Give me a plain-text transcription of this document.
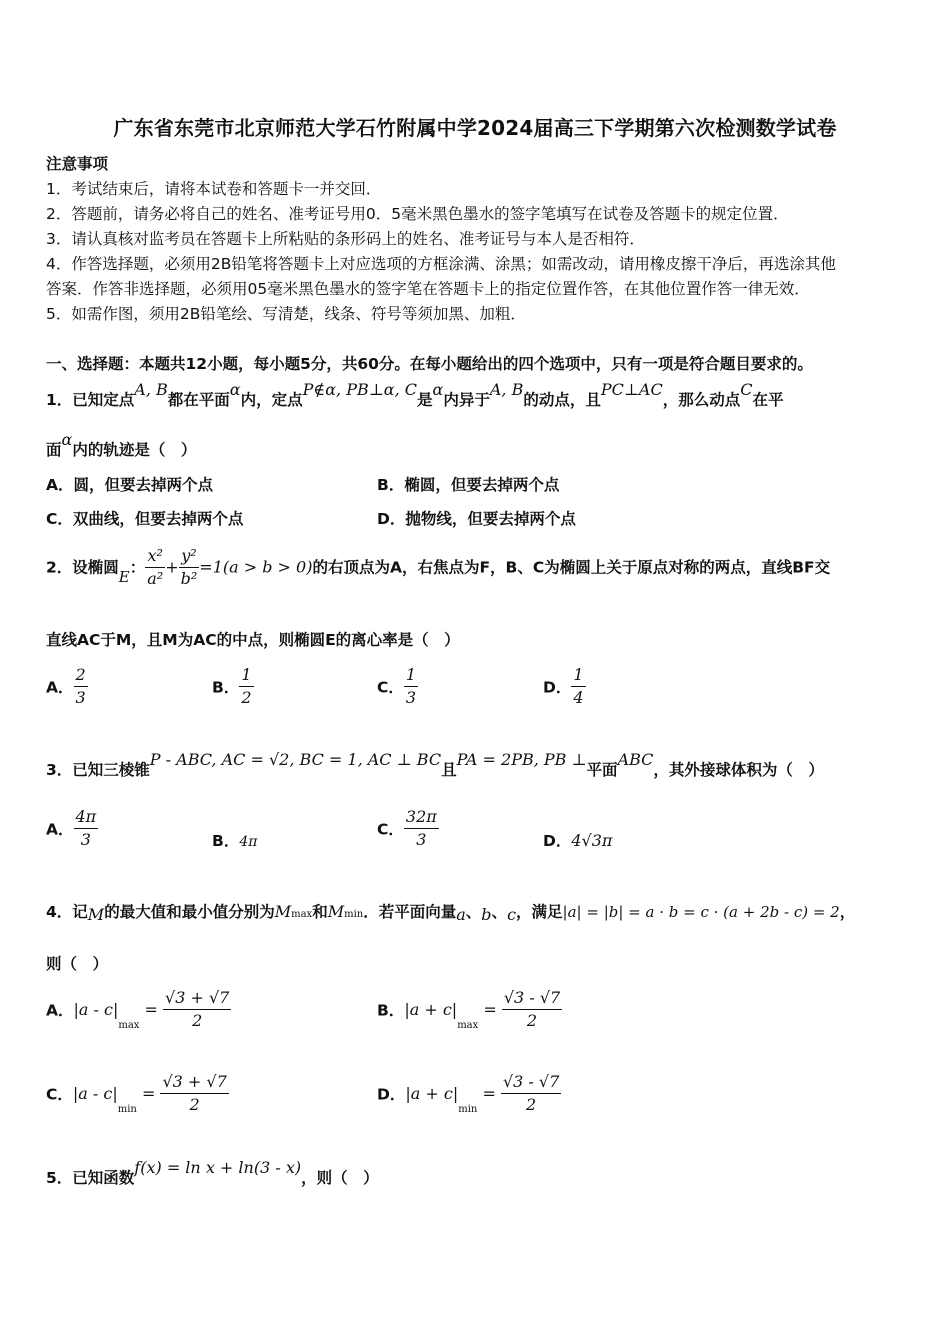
广东省东莞市北京师范大学石竹附属中学2024届高三下学期第六次检测数学试卷
注意事项
1．考试结束后，请将本试卷和答题卡一并交回．
2．答题前，请务必将自己的姓名、准考证号用0．5毫米黑色墨水的签字笔填写在试卷及答题卡的规定位置．
3．请认真核对监考员在答题卡上所粘贴的条形码上的姓名、准考证号与本人是否相符．
4．作答选择题，必须用2B铅笔将答题卡上对应选项的方框涂满、涂黑；如需改动，请用橡皮擦干净后，再选涂其他
答案．作答非选择题，必须用05毫米黑色墨水的签字笔在答题卡上的指定位置作答，在其他位置作答一律无效．
5．如需作图，须用2B铅笔绘、写清楚，线条、符号等须加黑、加粗．
一、选择题：本题共12小题，每小题5分，共60分。在每小题给出的四个选项中，只有一项是符合题目要求的。
1．已知定点A, B都在平面α内，定点P∉α, PB⊥α, C是α内异于A, B的动点，且PC⊥AC，那么动点C在平
面α内的轨迹是（　）
A．圆，但要去掉两个点	B．椭圆，但要去掉两个点
C．双曲线，但要去掉两个点	D．抛物线，但要去掉两个点
2．设椭圆E： $\frac{\text{x²}}{\text{a²}} + \frac{\text{y²}}{\text{b²}} =1(a > b > 0)$的右顶点为A，右焦点为F，B、C为椭圆上关于原点对称的两点，直线BF交
直线AC于M，且M为AC的中点，则椭圆E的离心率是（　）
A． $\frac{2}{3}$	B． $\frac{1}{2}$	C． $\frac{1}{3}$	D． $\frac{1}{4}$
3．已知三棱锥P - ABC, AC = √2, BC = 1, AC ⊥ BC且PA = 2PB, PB ⊥平面ABC，其外接球体积为（　）
A． $\frac{4\pi}{3}$	B．4π
C． $\frac{32\pi}{3}$	D．4√3π
4．记M的最大值和最小值分别为Mmax和Mmin．若平面向量a、b、c，满足|a| = |b| = a · b = c · (a + 2b - c) = 2，
则（　）
A．$|a - c|_{max} = \frac{√3 + √7}{2}$	B．$|a + c|_{max} = \frac{√3 - √7}{2}$
C．$|a - c|_{min} = \frac{√3 + √7}{2}$	D．$|a + c|_{min} = \frac{√3 - √7}{2}$
5．已知函数f(x) = ln x + ln(3 - x)，则（　）
